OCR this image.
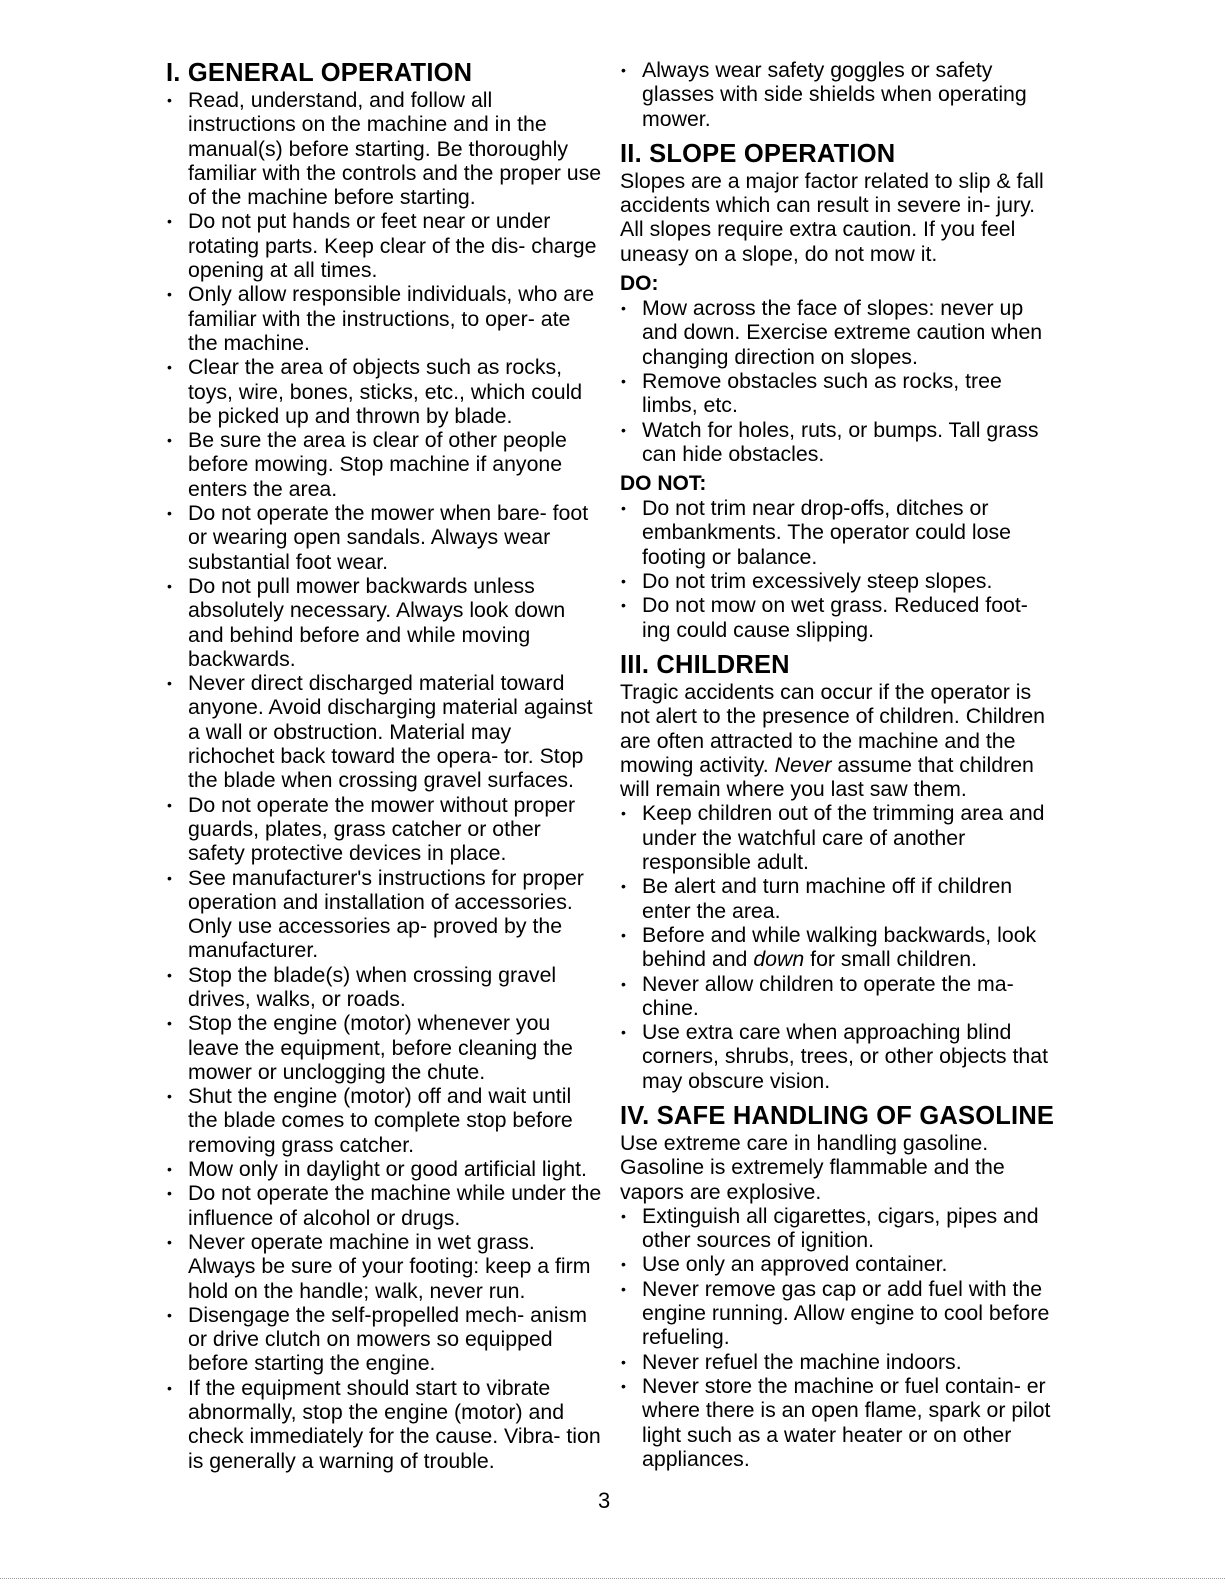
I. GENERAL OPERATION
• Read, understand, and follow all instructions on the machine and in the manual(s) before starting. Be thoroughly familiar with the controls and the proper use of the machine before starting.
• Do not put hands or feet near or under rotating parts. Keep clear of the dis- charge opening at all times.
• Only allow responsible individuals, who are familiar with the instructions, to oper- ate the machine.
• Clear the area of objects such as rocks, toys, wire, bones, sticks, etc., which could be picked up and thrown by blade.
• Be sure the area is clear of other people before mowing. Stop machine if anyone enters the area.
• Do not operate the mower when bare- foot or wearing open sandals. Always wear substantial foot wear.
• Do not pull mower backwards unless absolutely necessary. Always look down and behind before and while moving backwards.
• Never direct discharged material toward anyone. Avoid discharging material against a wall or obstruction. Material may richochet back toward the opera- tor. Stop the blade when crossing gravel surfaces.
• Do not operate the mower without proper guards, plates, grass catcher or other safety protective devices in place.
• See manufacturer's instructions for proper operation and installation of accessories. Only use accessories ap- proved by the manufacturer.
• Stop the blade(s) when crossing gravel drives, walks, or roads.
• Stop the engine (motor) whenever you leave the equipment, before cleaning the mower or unclogging the chute.
• Shut the engine (motor) off and wait until the blade comes to complete stop before removing grass catcher.
• Mow only in daylight or good artificial light.
• Do not operate the machine while under the influence of alcohol or drugs.
• Never operate machine in wet grass. Always be sure of your footing: keep a firm hold on the handle; walk, never run.
• Disengage the self-propelled mech- anism or drive clutch on mowers so equipped before starting the engine.
• If the equipment should start to vibrate abnormally, stop the engine (motor) and check immediately for the cause. Vibra- tion is generally a warning of trouble.
• Always wear safety goggles or safety glasses with side shields when operating mower.
II. SLOPE OPERATION

Slopes are a major factor related to slip & fall accidents which can result in severe in- jury. All slopes require extra caution. If you feel uneasy on a slope, do not mow it.

DO:
• Mow across the face of slopes: never up and down. Exercise extreme caution when changing direction on slopes.
• Remove obstacles such as rocks, tree limbs, etc.
• Watch for holes, ruts, or bumps. Tall grass can hide obstacles.
DO NOT:
• Do not trim near drop-offs, ditches or embankments. The operator could lose footing or balance.
• Do not trim excessively steep slopes.
• Do not mow on wet grass. Reduced foot- ing could cause slipping.
III. CHILDREN

Tragic accidents can occur if the operator is not alert to the presence of children. Children are often attracted to the machine and the mowing activity. Never assume that children will remain where you last saw them.

• Keep children out of the trimming area and under the watchful care of another responsible adult.
• Be alert and turn machine off if children enter the area.
• Before and while walking backwards, look behind and down for small children.
• Never allow children to operate the ma- chine.
• Use extra care when approaching blind corners, shrubs, trees, or other objects that may obscure vision.
IV. SAFE HANDLING OF GASOLINE

Use extreme care in handling gasoline. Gasoline is extremely flammable and the vapors are explosive.

• Extinguish all cigarettes, cigars, pipes and other sources of ignition.
• Use only an approved container.
• Never remove gas cap or add fuel with the engine running. Allow engine to cool before refueling.
• Never refuel the machine indoors.
• Never store the machine or fuel contain- er where there is an open flame, spark or pilot light such as a water heater or on other appliances.
3
